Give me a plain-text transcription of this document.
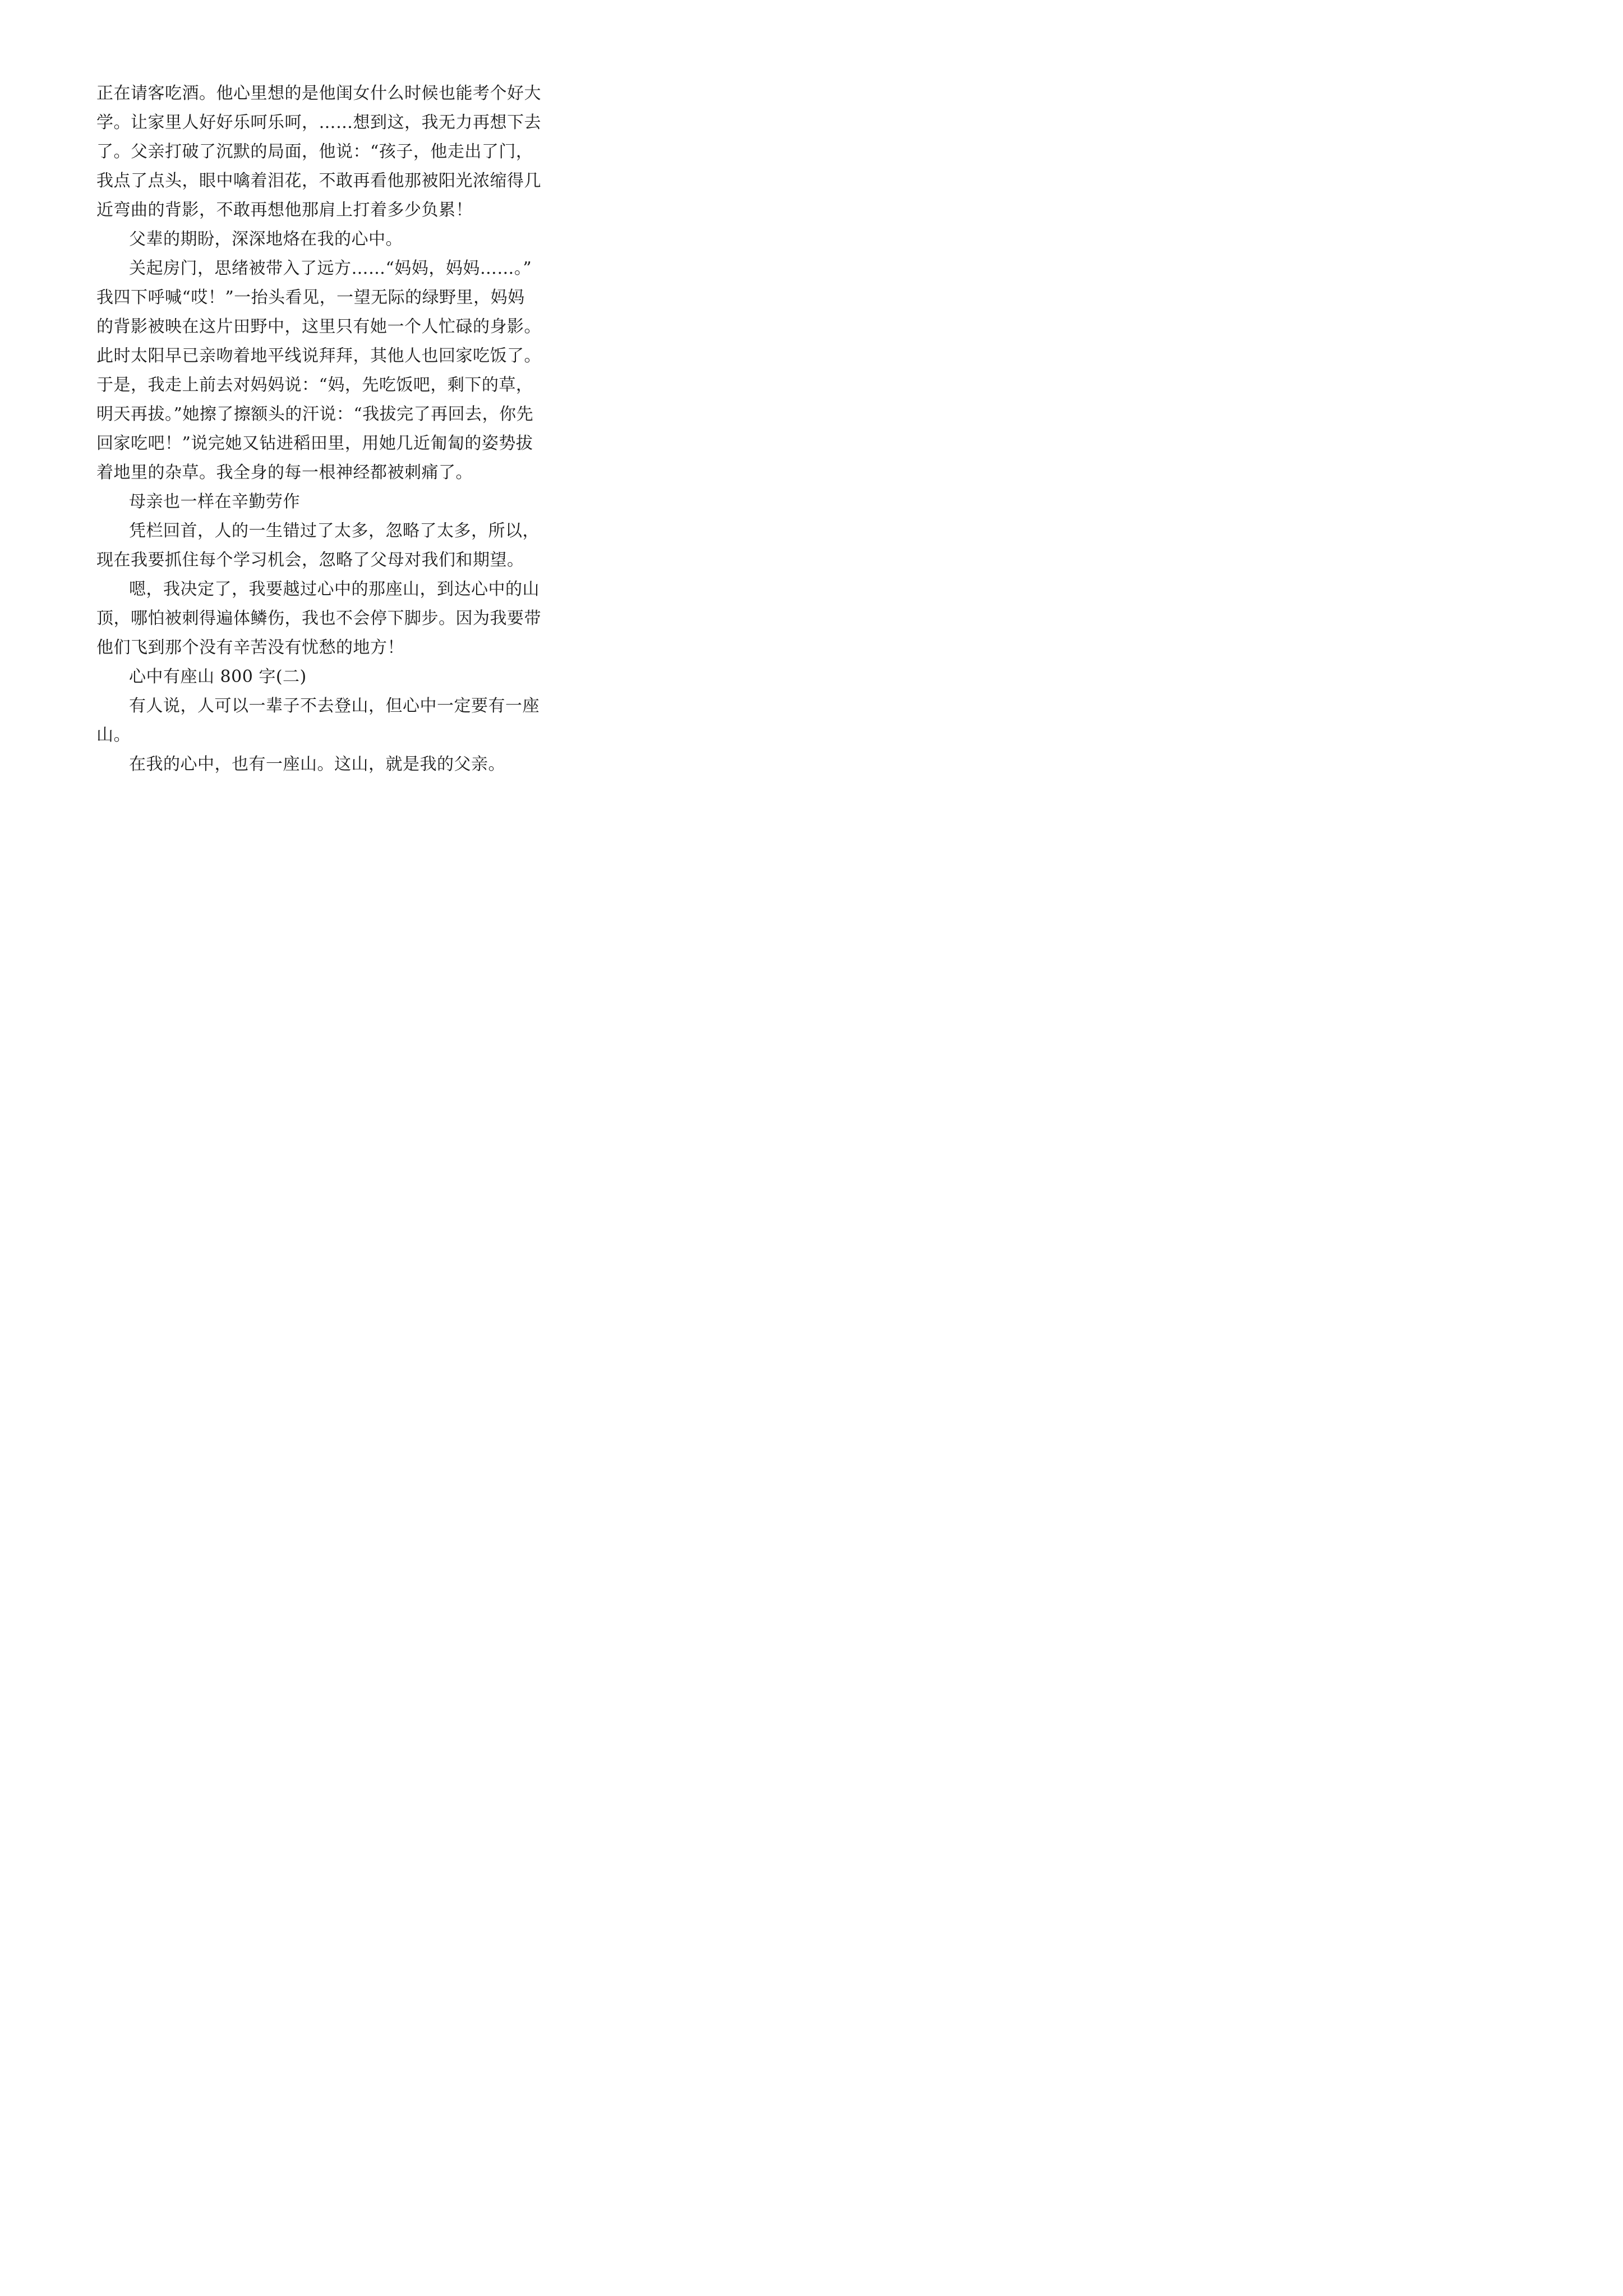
正在请客吃酒。他心里想的是他闺女什么时候也能考个好大
学。让家里人好好乐呵乐呵，……想到这，我无力再想下去
了。父亲打破了沉默的局面，他说：“孩子，他走出了门，
我点了点头，眼中噙着泪花，不敢再看他那被阳光浓缩得几
近弯曲的背影，不敢再想他那肩上打着多少负累！
父辈的期盼，深深地烙在我的心中。
关起房门，思绪被带入了远方……“妈妈，妈妈……。”
我四下呼喊“哎！”一抬头看见，一望无际的绿野里，妈妈
的背影被映在这片田野中，这里只有她一个人忙碌的身影。
此时太阳早已亲吻着地平线说拜拜，其他人也回家吃饭了。
于是，我走上前去对妈妈说：“妈，先吃饭吧，剩下的草，
明天再拔。”她擦了擦额头的汗说：“我拔完了再回去，你先
回家吃吧！”说完她又钻进稻田里，用她几近匍匐的姿势拔
着地里的杂草。我全身的每一根神经都被刺痛了。
母亲也一样在辛勤劳作
凭栏回首，人的一生错过了太多，忽略了太多，所以，
现在我要抓住每个学习机会，忽略了父母对我们和期望。
嗯，我决定了，我要越过心中的那座山，到达心中的山
顶，哪怕被刺得遍体鳞伤，我也不会停下脚步。因为我要带
他们飞到那个没有辛苦没有忧愁的地方！
心中有座山 800 字(二)
有人说，人可以一辈子不去登山，但心中一定要有一座
山。
在我的心中，也有一座山。这山，就是我的父亲。
